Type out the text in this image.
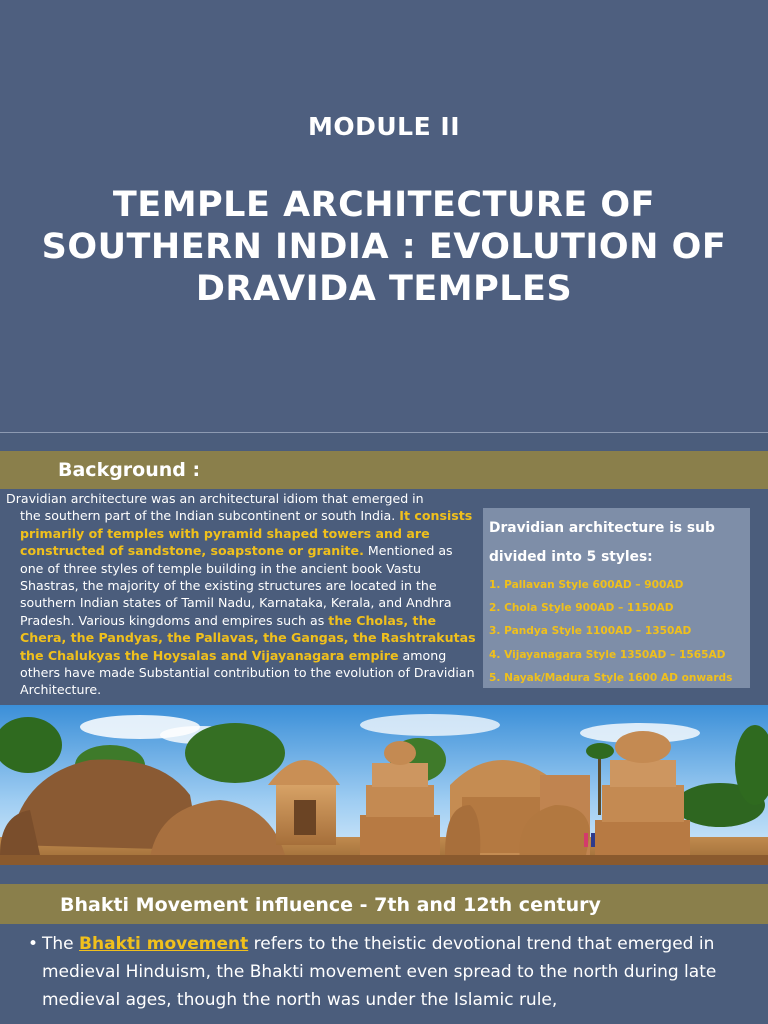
MODULE II
TEMPLE ARCHITECTURE OF SOUTHERN INDIA : EVOLUTION OF DRAVIDA TEMPLES
Background :
Dravidian architecture was an architectural idiom that emerged in
the southern part of the Indian subcontinent or south India. It consists primarily of temples with pyramid shaped towers and are constructed of sandstone, soapstone or granite. Mentioned as one of three styles of temple building in the ancient book Vastu Shastras, the majority of the existing structures are located in the southern Indian states of Tamil Nadu, Karnataka, Kerala, and Andhra Pradesh. Various kingdoms and empires such as the Cholas, the Chera, the Pandyas, the Pallavas, the Gangas, the Rashtrakutas the Chalukyas the Hoysalas and Vijayanagara empire among others have made Substantial contribution to the evolution of Dravidian Architecture.
Dravidian architecture is sub divided into 5 styles:
1. Pallavan Style 600AD – 900AD
2. Chola Style 900AD – 1150AD
3. Pandya Style 1100AD – 1350AD
4. Vijayanagara Style 1350AD – 1565AD
5. Nayak/Madura Style 1600 AD onwards
Bhakti Movement influence - 7th and 12th century
• The Bhakti movement refers to the theistic devotional trend that emerged in medieval Hinduism, the Bhakti movement even spread to the north during late medieval ages, though the north was under the Islamic rule,
